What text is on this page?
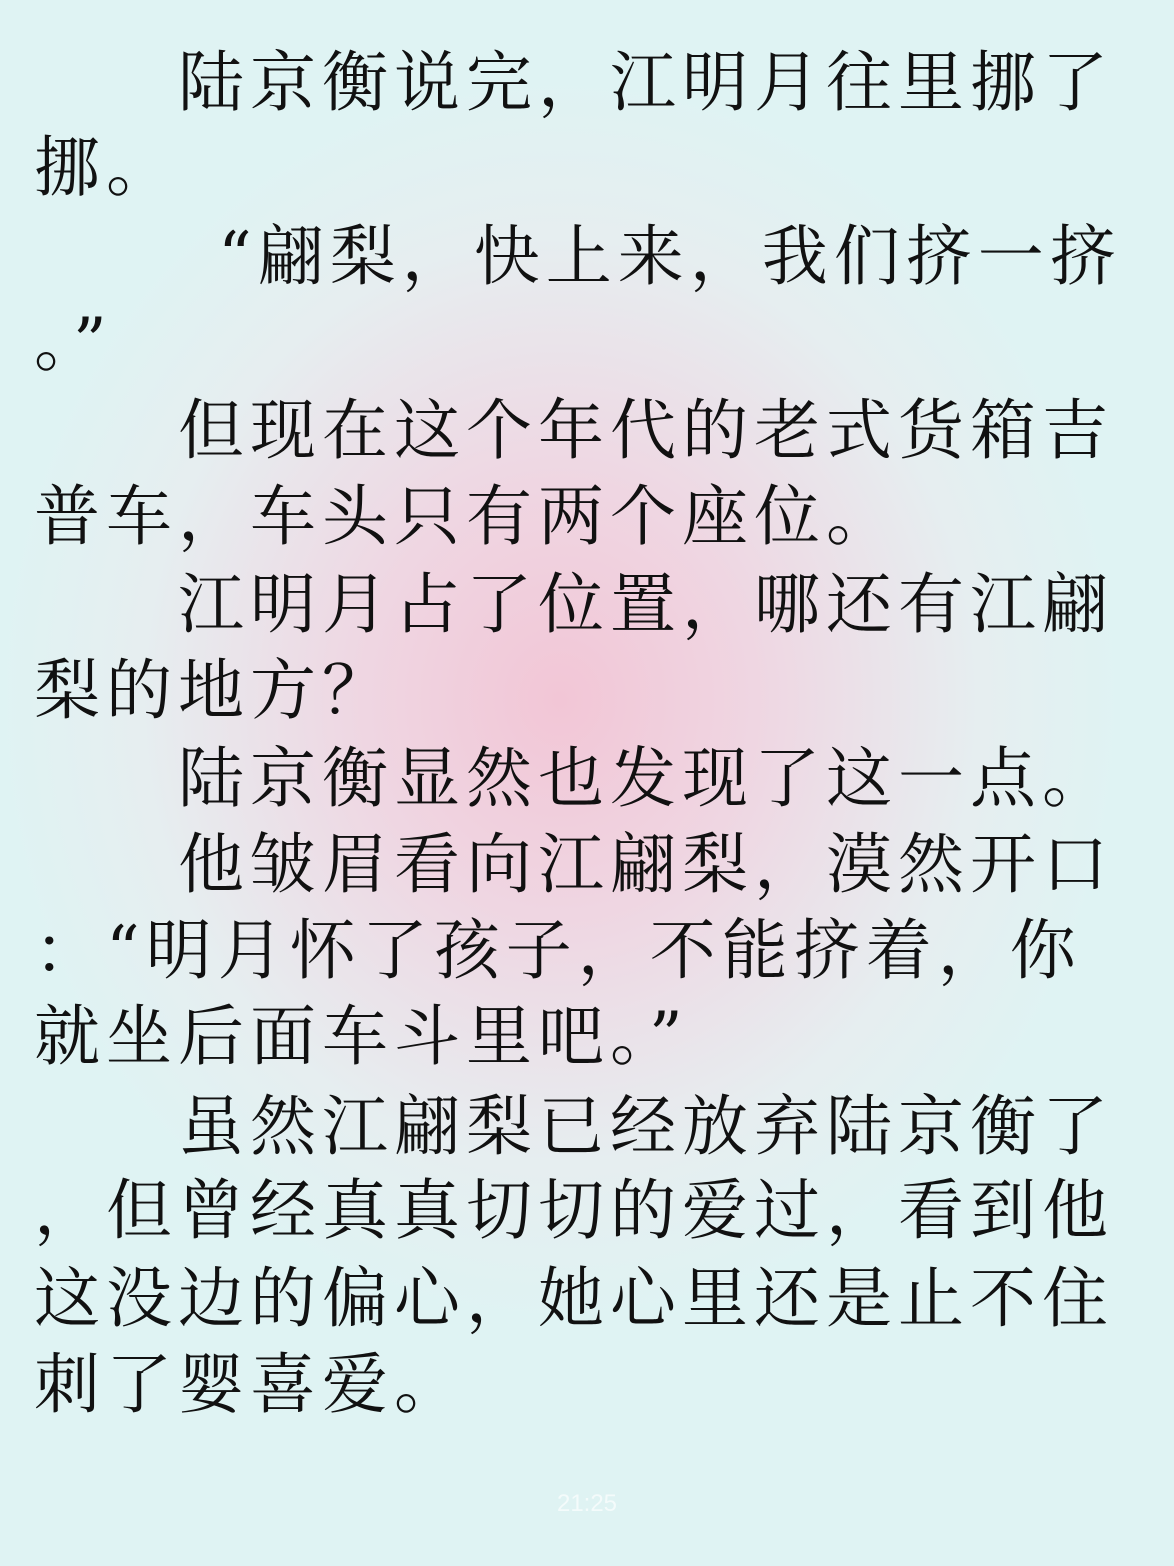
陆京衡说完，江明月往里挪了
挪。
“翩梨，快上来，我们挤一挤
。”
但现在这个年代的老式货箱吉
普车，车头只有两个座位。
江明月占了位置，哪还有江翩
梨的地方？
陆京衡显然也发现了这一点。
他皱眉看向江翩梨，漠然开口
：“明月怀了孩子，不能挤着，你
就坐后面车斗里吧。”
虽然江翩梨已经放弃陆京衡了
，但曾经真真切切的爱过，看到他
这没边的偏心，她心里还是止不住
刺了婴喜爱。
21:25
